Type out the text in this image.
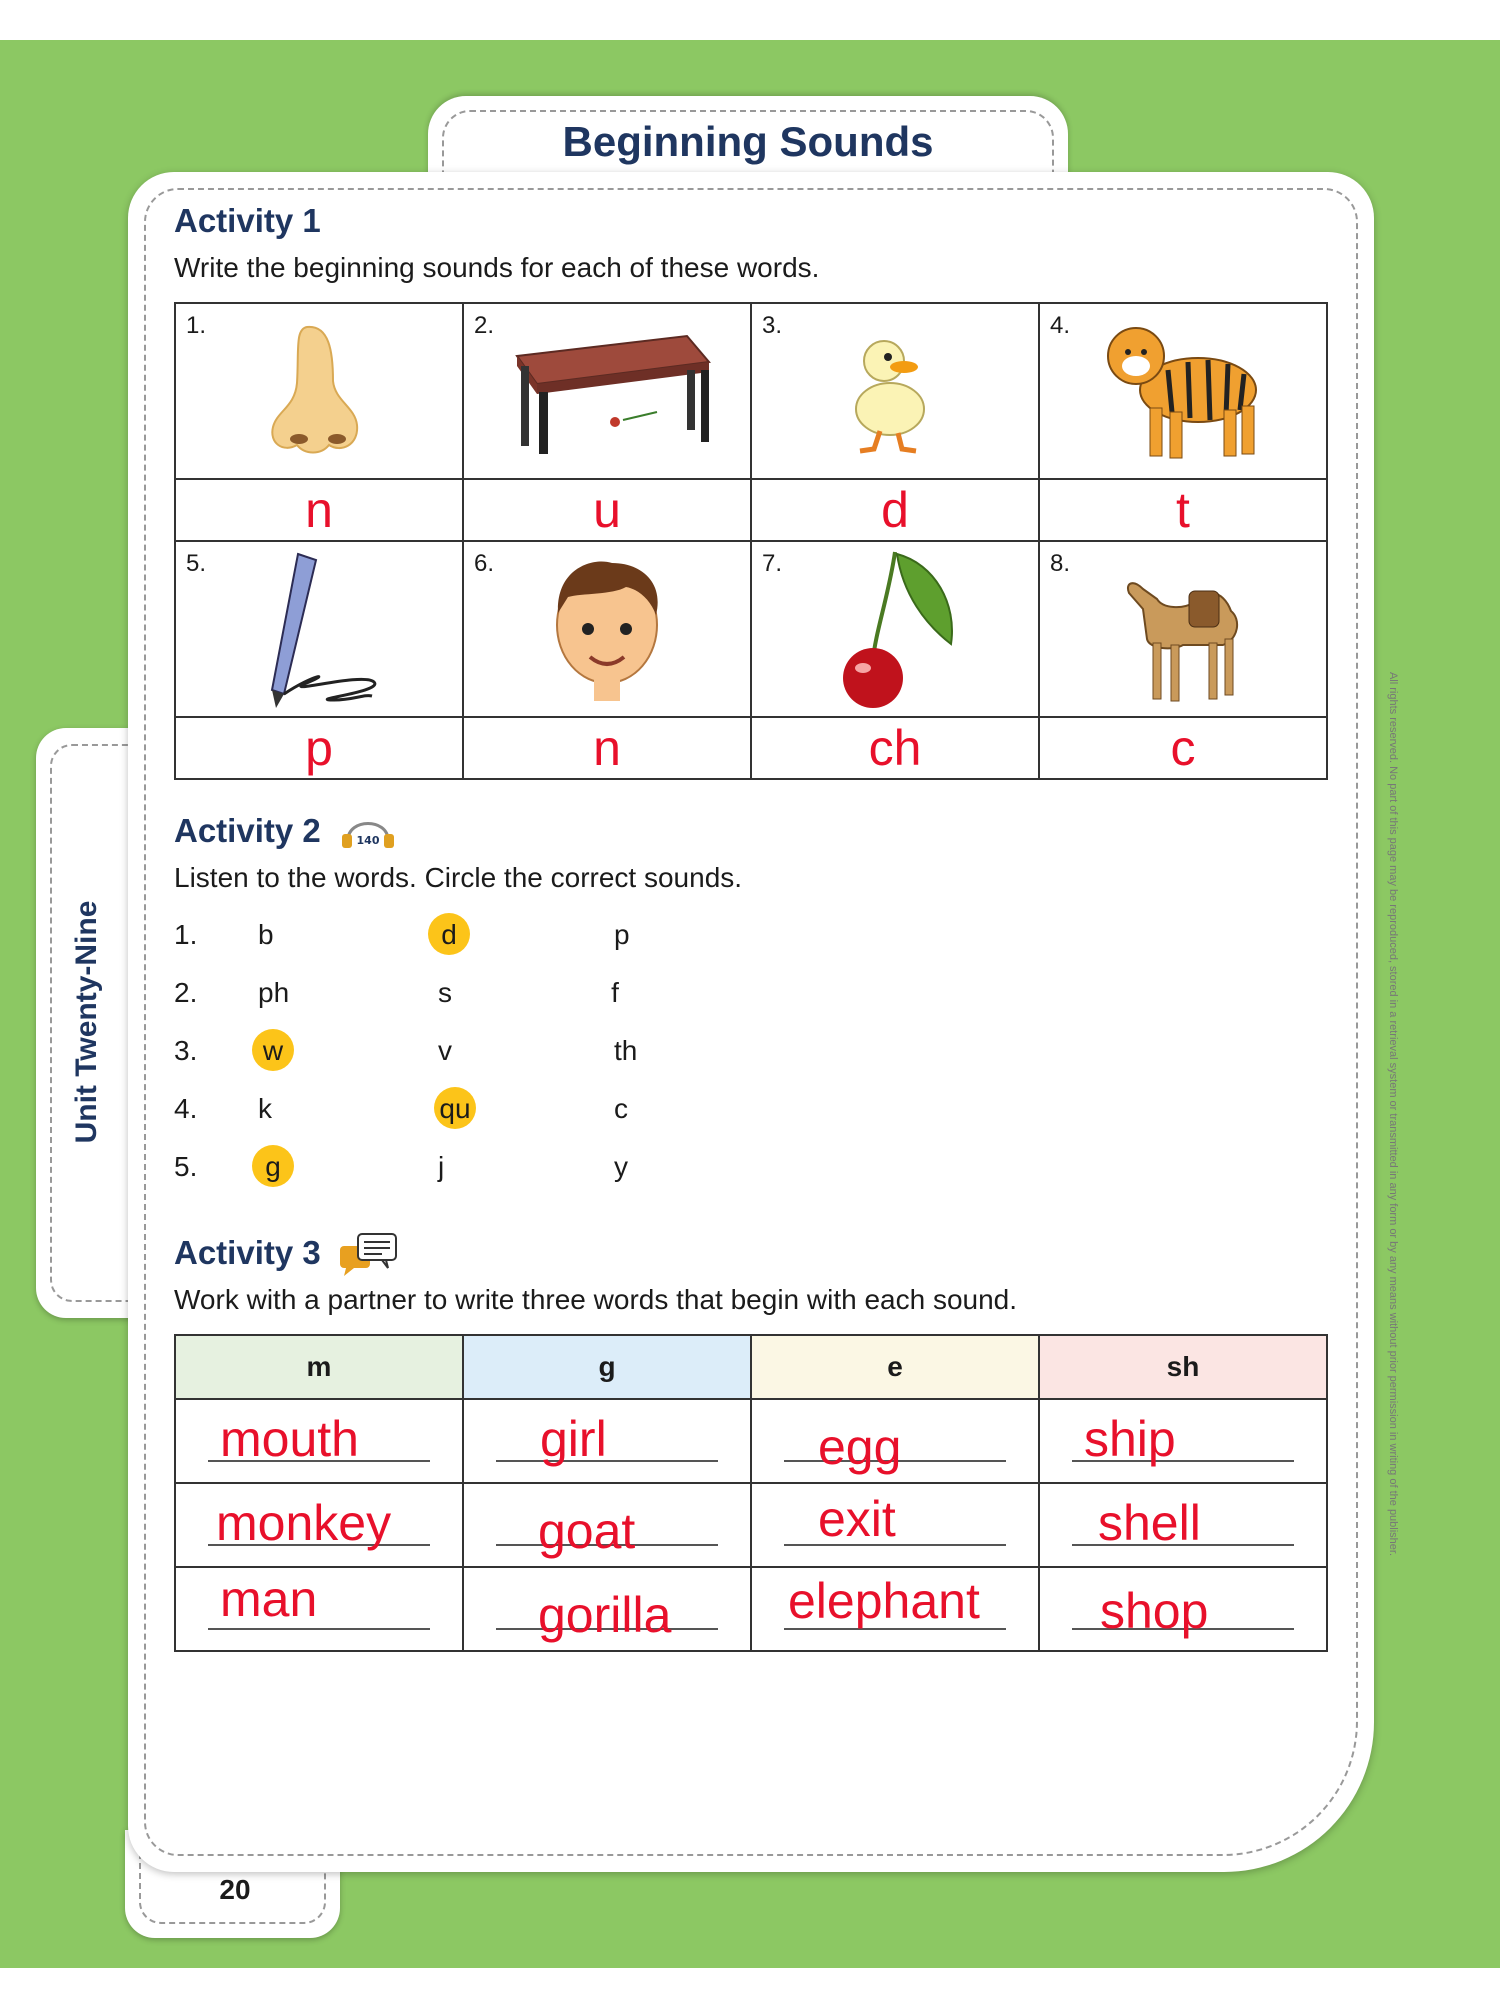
Unit Twenty-Nine
Beginning Sounds
20
Activity 1
Write the beginning sounds for each of these words.
1.	2.	3.	4.

n	u	d	t

5.	6.	7.	8.

p	n	ch	c
Activity 2	140
Listen to the words. Circle the correct sounds.
1. b	d	p
2. ph	s	f
3.	w	v	th
4. k	qu	c
5.	g	j	y
Activity 3
Work with a partner to write three words that begin with each sound.
m	g	e	sh

mouth	girl	egg	ship

monkey	goat	exit	shell

man	gorilla	elephant	shop
All rights reserved. No part of this page may be reproduced, stored in a retrieval system or transmitted in any form or by any means without prior permission in writing of the publisher.
